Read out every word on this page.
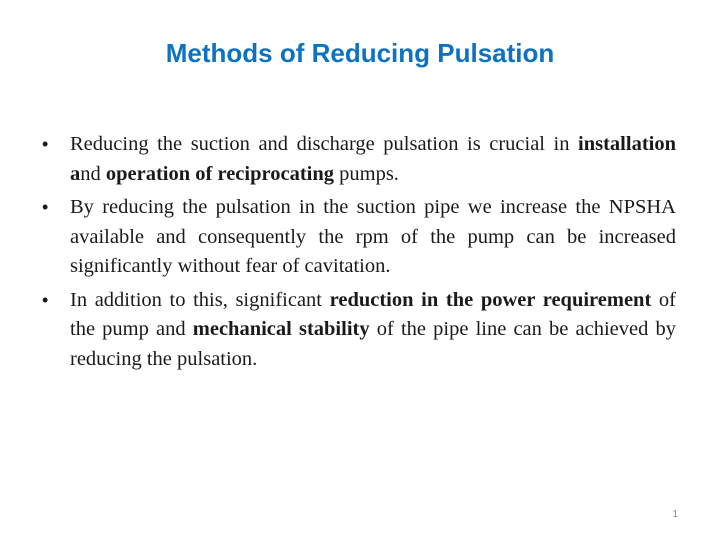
Methods of Reducing Pulsation
• Reducing the suction and discharge pulsation is crucial in installation and operation of reciprocating pumps.
• By reducing the pulsation in the suction pipe we increase the NPSHA available and consequently the rpm of the pump can be increased significantly without fear of cavitation.
• In addition to this, significant reduction in the power requirement of the pump and mechanical stability of the pipe line can be achieved by reducing the pulsation.
1
